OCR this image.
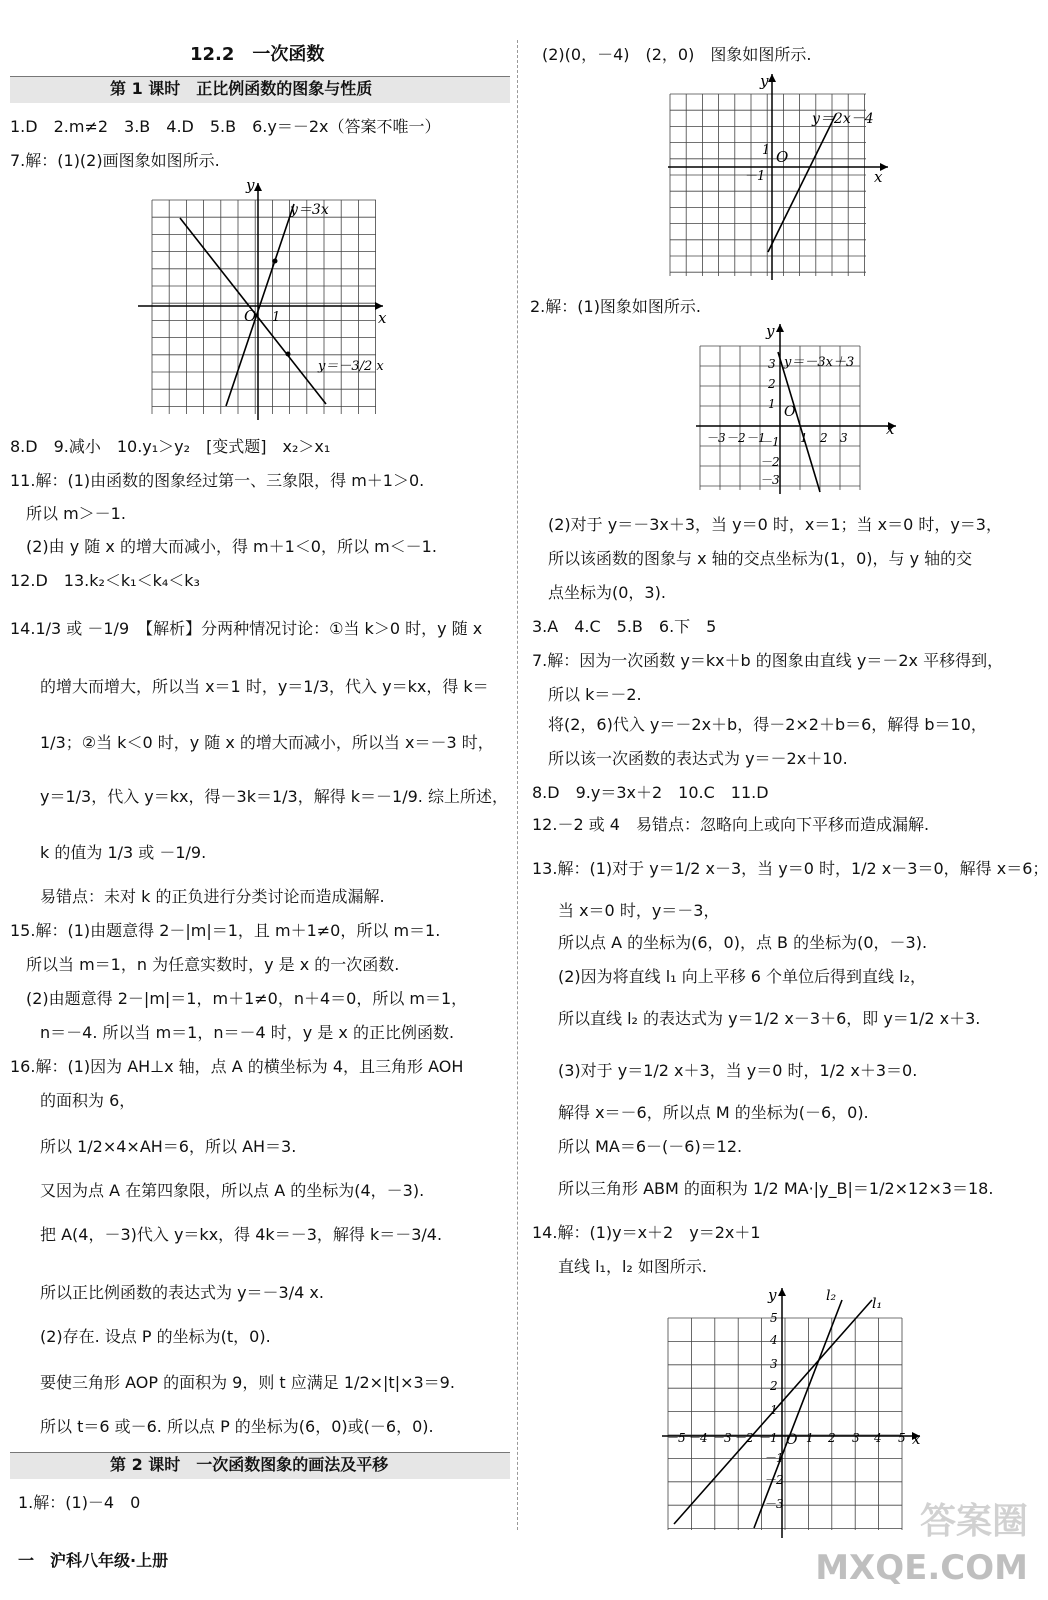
12.2　一次函数
第 1 课时　正比例函数的图象与性质
1.D　2.m≠2　3.B　4.D　5.B　6.y＝－2x（答案不唯一）
7.解：(1)(2)画图象如图所示.
y
x
O 1
y＝3x
y＝－3/2 x
8.D　9.减小　10.y₁＞y₂　[变式题]　x₂＞x₁
11.解：(1)由函数的图象经过第一、三象限，得 m＋1＞0.
　所以 m＞－1.
　(2)由 y 随 x 的增大而减小，得 m＋1＜0，所以 m＜－1.
12.D　13.k₂＜k₁＜k₄＜k₃
14.1/3 或 －1/9　【解析】分两种情况讨论：①当 k＞0 时，y 随 x
的增大而增大，所以当 x＝1 时，y＝1/3，代入 y＝kx，得 k＝
1/3；②当 k＜0 时，y 随 x 的增大而减小，所以当 x＝－3 时，
y＝1/3，代入 y＝kx，得－3k＝1/3，解得 k＝－1/9. 综上所述，
k 的值为 1/3 或 －1/9.
易错点：未对 k 的正负进行分类讨论而造成漏解.
15.解：(1)由题意得 2－|m|＝1，且 m＋1≠0，所以 m＝1.
　所以当 m＝1，n 为任意实数时，y 是 x 的一次函数.
　(2)由题意得 2－|m|＝1，m＋1≠0，n＋4＝0，所以 m＝1，
n＝－4. 所以当 m＝1，n＝－4 时，y 是 x 的正比例函数.
16.解：(1)因为 AH⊥x 轴，点 A 的横坐标为 4，且三角形 AOH
的面积为 6，
所以 1/2×4×AH＝6，所以 AH＝3.
又因为点 A 在第四象限，所以点 A 的坐标为(4，－3).
把 A(4，－3)代入 y＝kx，得 4k＝－3，解得 k＝－3/4.
所以正比例函数的表达式为 y＝－3/4 x.
(2)存在. 设点 P 的坐标为(t，0).
要使三角形 AOP 的面积为 9，则 t 应满足 1/2×|t|×3＝9.
所以 t＝6 或－6. 所以点 P 的坐标为(6，0)或(－6，0).
第 2 课时　一次函数图象的画法及平移
1.解：(1)－4　0
(2)(0，－4)　(2，0)　图象如图所示.
y
x
O
1
－1
y＝2x－4
2.解：(1)图象如图所示.
y
x
O
y＝－3x＋3
－3 －2 －1	1 2 3
3
2
1
－1
－2
－3
(2)对于 y＝－3x＋3，当 y＝0 时，x＝1；当 x＝0 时，y＝3，
所以该函数的图象与 x 轴的交点坐标为(1，0)，与 y 轴的交
点坐标为(0，3).
3.A　4.C　5.B　6.下　5
7.解：因为一次函数 y＝kx＋b 的图象由直线 y＝－2x 平移得到，
所以 k＝－2.
将(2，6)代入 y＝－2x＋b，得－2×2＋b＝6，解得 b＝10，
所以该一次函数的表达式为 y＝－2x＋10.
8.D　9.y＝3x＋2　10.C　11.D
12.－2 或 4　易错点：忽略向上或向下平移而造成漏解.
13.解：(1)对于 y＝1/2 x－3，当 y＝0 时，1/2 x－3＝0，解得 x＝6；
当 x＝0 时，y＝－3，
所以点 A 的坐标为(6，0)，点 B 的坐标为(0，－3).
(2)因为将直线 l₁ 向上平移 6 个单位后得到直线 l₂，
所以直线 l₂ 的表达式为 y＝1/2 x－3＋6，即 y＝1/2 x＋3.
(3)对于 y＝1/2 x＋3，当 y＝0 时，1/2 x＋3＝0.
解得 x＝－6，所以点 M 的坐标为(－6，0).
所以 MA＝6－(－6)＝12.
所以三角形 ABM 的面积为 1/2 MA·|y_B|＝1/2×12×3＝18.
14.解：(1)y＝x＋2　y＝2x＋1
直线 l₁，l₂ 如图所示.
y
x
O
l₂	l₁
－5 －4 －3 －2 －1 1 2 3 4 5
5
4
3
2
1
－1
－2
－3
一　沪科八年级·上册
答案圈
MXQE.COM
